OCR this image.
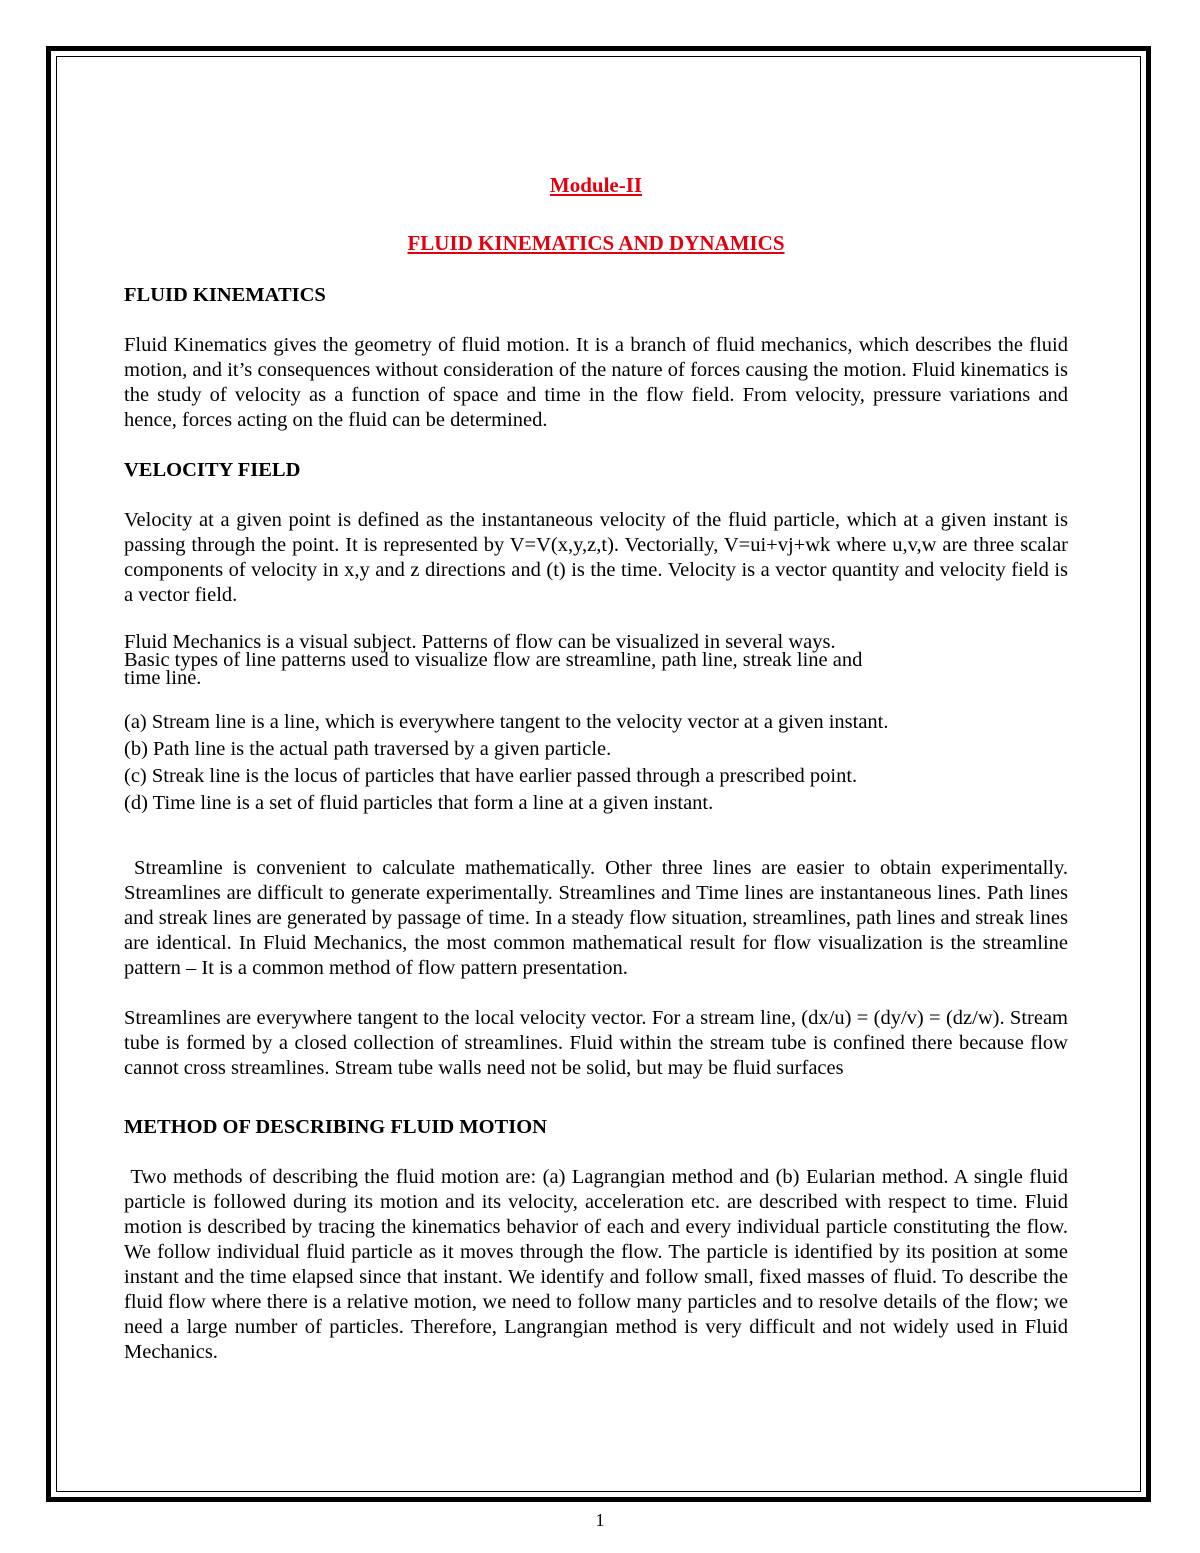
Module-II
FLUID KINEMATICS AND DYNAMICS
FLUID KINEMATICS

Fluid Kinematics gives the geometry of fluid motion. It is a branch of fluid mechanics, which describes the fluid motion, and it’s consequences without consideration of the nature of forces causing the motion. Fluid kinematics is the study of velocity as a function of space and time in the flow field. From velocity, pressure variations and hence, forces acting on the fluid can be determined.

VELOCITY FIELD

Velocity at a given point is defined as the instantaneous velocity of the fluid particle, which at a given instant is passing through the point. It is represented by V=V(x,y,z,t). Vectorially, V=ui+vj+wk where u,v,w are three scalar components of velocity in x,y and z directions and (t) is the time. Velocity is a vector quantity and velocity field is a vector field.

Fluid Mechanics is a visual subject. Patterns of flow can be visualized in several ways.
Basic types of line patterns used to visualize flow are streamline, path line, streak line and
time line.
(a) Stream line is a line, which is everywhere tangent to the velocity vector at a given instant.
(b) Path line is the actual path traversed by a given particle.
(c) Streak line is the locus of particles that have earlier passed through a prescribed point.
(d) Time line is a set of fluid particles that form a line at a given instant.

Streamline is convenient to calculate mathematically. Other three lines are easier to obtain experimentally. Streamlines are difficult to generate experimentally. Streamlines and Time lines are instantaneous lines. Path lines and streak lines are generated by passage of time. In a steady flow situation, streamlines, path lines and streak lines are identical. In Fluid Mechanics, the most common mathematical result for flow visualization is the streamline pattern – It is a common method of flow pattern presentation.

Streamlines are everywhere tangent to the local velocity vector. For a stream line, (dx/u) = (dy/v) = (dz/w). Stream tube is formed by a closed collection of streamlines. Fluid within the stream tube is confined there because flow cannot cross streamlines. Stream tube walls need not be solid, but may be fluid surfaces

METHOD OF DESCRIBING FLUID MOTION

Two methods of describing the fluid motion are: (a) Lagrangian method and (b) Eularian method. A single fluid particle is followed during its motion and its velocity, acceleration etc. are described with respect to time. Fluid motion is described by tracing the kinematics behavior of each and every individual particle constituting the flow. We follow individual fluid particle as it moves through the flow. The particle is identified by its position at some instant and the time elapsed since that instant. We identify and follow small, fixed masses of fluid. To describe the fluid flow where there is a relative motion, we need to follow many particles and to resolve details of the flow; we need a large number of particles. Therefore, Langrangian method is very difficult and not widely used in Fluid Mechanics.

1
